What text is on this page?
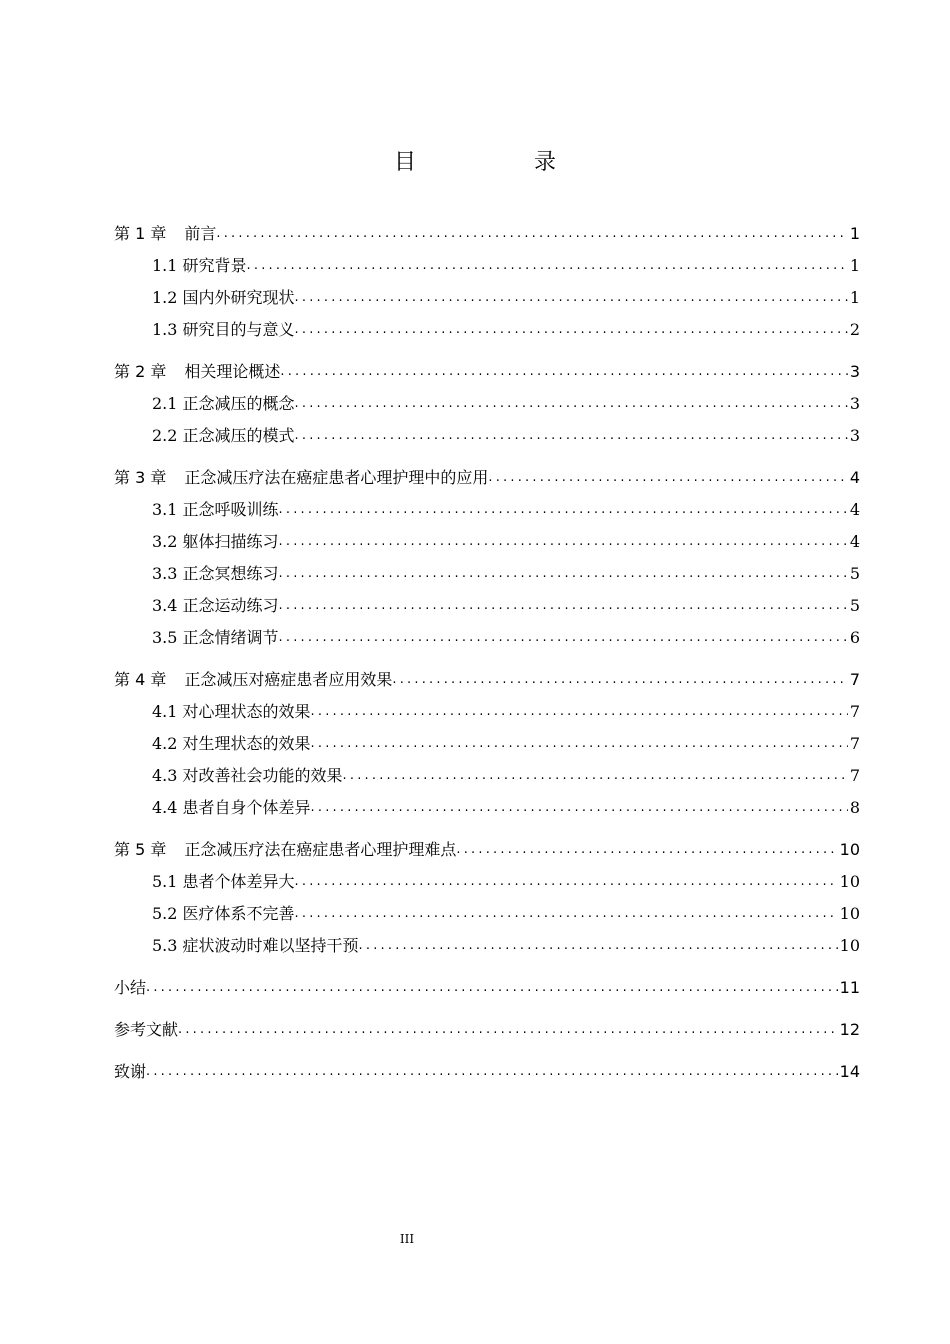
目　录
第 1 章 前言 .....	1
1.1 研究背景 .....	1
1.2 国内外研究现状 .....	1
1.3 研究目的与意义 .....	2
第 2 章 相关理论概述 .....	3
2.1 正念减压的概念 .....	3
2.2 正念减压的模式 .....	3
第 3 章 正念减压疗法在癌症患者心理护理中的应用 .....	4
3.1 正念呼吸训练 .....	4
3.2 躯体扫描练习 .....	4
3.3 正念冥想练习 .....	5
3.4 正念运动练习 .....	5
3.5 正念情绪调节 .....	6
第 4 章 正念减压对癌症患者应用效果 .....	7
4.1 对心理状态的效果 .....	7
4.2 对生理状态的效果 .....	7
4.3 对改善社会功能的效果 .....	7
4.4 患者自身个体差异 .....	8
第 5 章 正念减压疗法在癌症患者心理护理难点 .....	10
5.1 患者个体差异大 .....	10
5.2 医疗体系不完善 .....	10
5.3 症状波动时难以坚持干预 .....	10
小结 .....	11
参考文献 .....	12
致谢 .....	14
III
